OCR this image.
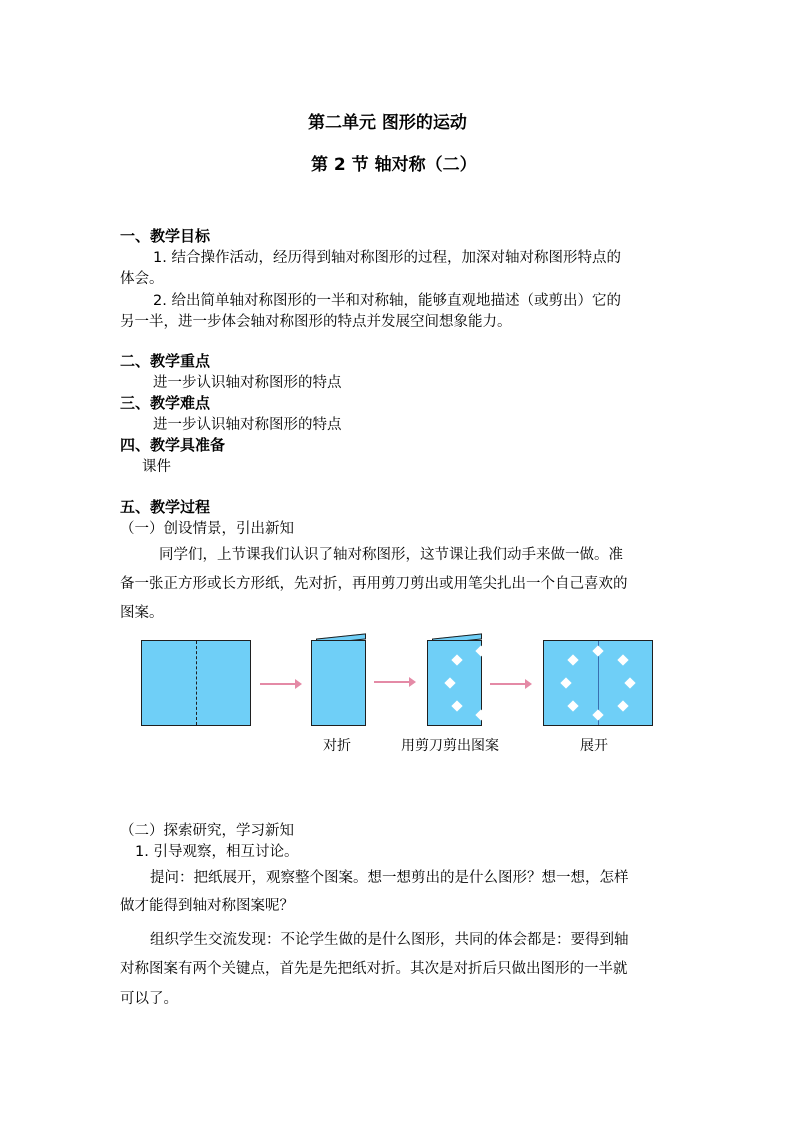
第二单元 图形的运动
第 2 节 轴对称（二）
一、教学目标
1. 结合操作活动，经历得到轴对称图形的过程，加深对轴对称图形特点的
体会。
2. 给出简单轴对称图形的一半和对称轴，能够直观地描述（或剪出）它的
另一半，进一步体会轴对称图形的特点并发展空间想象能力。
二、教学重点
进一步认识轴对称图形的特点
三、教学难点
进一步认识轴对称图形的特点
四、教学具准备
课件
五、教学过程
（一）创设情景，引出新知
同学们，上节课我们认识了轴对称图形，这节课让我们动手来做一做。准
备一张正方形或长方形纸，先对折，再用剪刀剪出或用笔尖扎出一个自己喜欢的
图案。
对折	用剪刀剪出图案	展开
（二）探索研究，学习新知
1. 引导观察，相互讨论。
提问：把纸展开，观察整个图案。想一想剪出的是什么图形？想一想，怎样
做才能得到轴对称图案呢？
组织学生交流发现：不论学生做的是什么图形，共同的体会都是：要得到轴
对称图案有两个关键点，首先是先把纸对折。其次是对折后只做出图形的一半就
可以了。
